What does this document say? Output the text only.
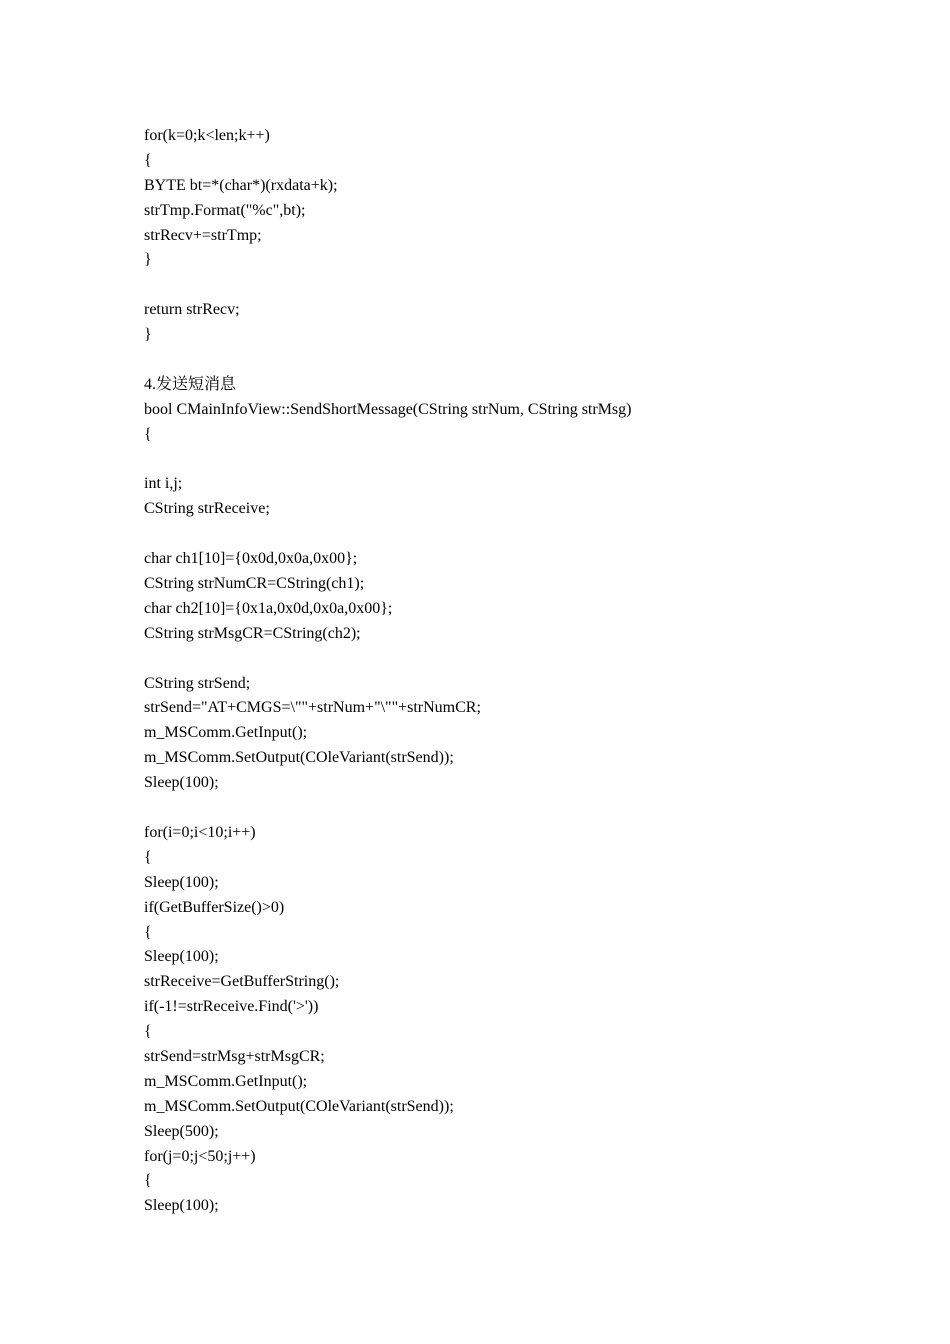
for(k=0;k<len;k++)
{
BYTE bt=*(char*)(rxdata+k);
strTmp.Format("%c",bt);
strRecv+=strTmp;
}

return strRecv;
}

4.发送短消息
bool CMainInfoView::SendShortMessage(CString strNum, CString strMsg)
{

int i,j;
CString strReceive;

char ch1[10]={0x0d,0x0a,0x00};
CString strNumCR=CString(ch1);
char ch2[10]={0x1a,0x0d,0x0a,0x00};
CString strMsgCR=CString(ch2);

CString strSend;
strSend="AT+CMGS=\""+strNum+"\""+strNumCR;
m_MSComm.GetInput();
m_MSComm.SetOutput(COleVariant(strSend));
Sleep(100);

for(i=0;i<10;i++)
{
Sleep(100);
if(GetBufferSize()>0)
{
Sleep(100);
strReceive=GetBufferString();
if(-1!=strReceive.Find('>'))
{
strSend=strMsg+strMsgCR;
m_MSComm.GetInput();
m_MSComm.SetOutput(COleVariant(strSend));
Sleep(500);
for(j=0;j<50;j++)
{
Sleep(100);
